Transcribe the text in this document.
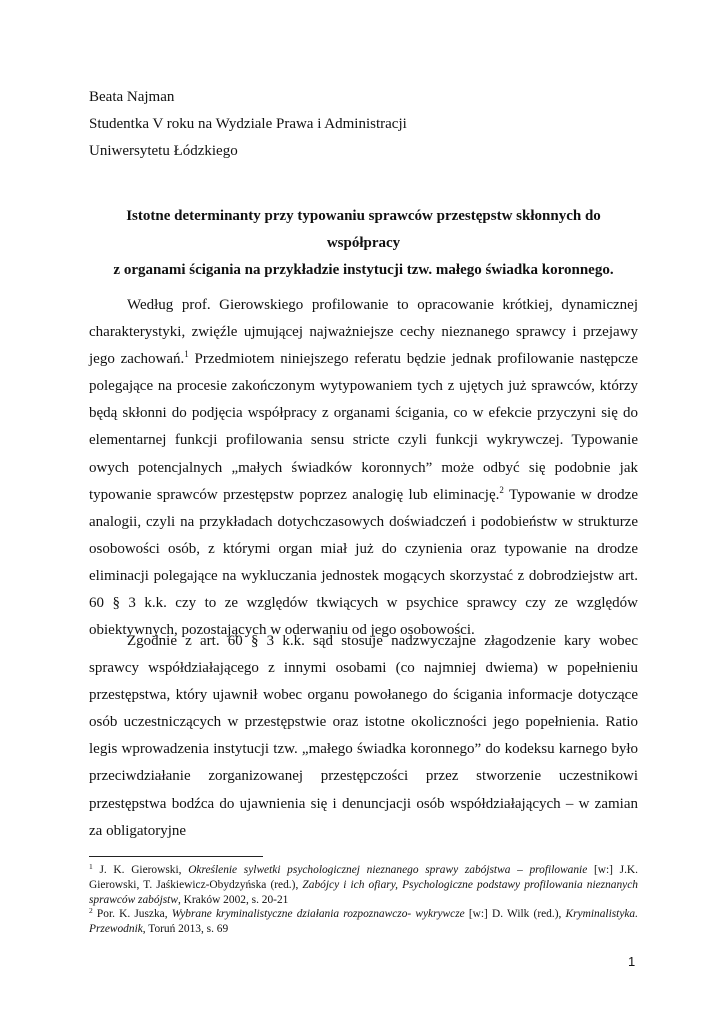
Beata Najman
Studentka V roku na Wydziale Prawa i Administracji
Uniwersytetu Łódzkiego
Istotne determinanty przy typowaniu sprawców przestępstw skłonnych do współpracy
z organami ścigania na przykładzie instytucji tzw. małego świadka koronnego.

Według prof. Gierowskiego profilowanie to opracowanie krótkiej, dynamicznej charakterystyki, zwięźle ujmującej najważniejsze cechy nieznanego sprawcy i przejawy jego zachowań.$^1$ Przedmiotem niniejszego referatu będzie jednak profilowanie następcze polegające na procesie zakończonym wytypowaniem tych z ujętych już sprawców, którzy będą skłonni do podjęcia współpracy z organami ścigania, co w efekcie przyczyni się do elementarnej funkcji profilowania sensu stricte czyli funkcji wykrywczej. Typowanie owych potencjalnych „małych świadków koronnych” może odbyć się podobnie jak typowanie sprawców przestępstw poprzez analogię lub eliminację.$^2$ Typowanie w drodze analogii, czyli na przykładach dotychczasowych doświadczeń i podobieństw w strukturze osobowości osób, z którymi organ miał już do czynienia oraz typowanie na drodze eliminacji polegające na wykluczania jednostek mogących skorzystać z dobrodziejstw art. 60 § 3 k.k. czy to ze względów tkwiących w psychice sprawcy czy ze względów obiektywnych, pozostających w oderwaniu od jego osobowości.

Zgodnie z art. 60 § 3 k.k. sąd stosuje nadzwyczajne złagodzenie kary wobec sprawcy współdziałającego z innymi osobami (co najmniej dwiema) w popełnieniu przestępstwa, który ujawnił wobec organu powołanego do ścigania informacje dotyczące osób uczestniczących w przestępstwie oraz istotne okoliczności jego popełnienia. Ratio legis wprowadzenia instytucji tzw. „małego świadka koronnego” do kodeksu karnego było przeciwdziałanie zorganizowanej przestępczości przez stworzenie uczestnikowi przestępstwa bodźca do ujawnienia się i denuncjacji osób współdziałających – w zamian za obligatoryjne

$^1$ J. K. Gierowski, Określenie sylwetki psychologicznej nieznanego sprawy zabójstwa – profilowanie [w:] J.K. Gierowski, T. Jaśkiewicz-Obydzyńska (red.), Zabójcy i ich ofiary, Psychologiczne podstawy profilowania nieznanych sprawców zabójstw, Kraków 2002, s. 20-21

$^2$ Por. K. Juszka, Wybrane kryminalistyczne działania rozpoznawczo- wykrywcze [w:] D. Wilk (red.), Kryminalistyka. Przewodnik, Toruń 2013, s. 69

1
